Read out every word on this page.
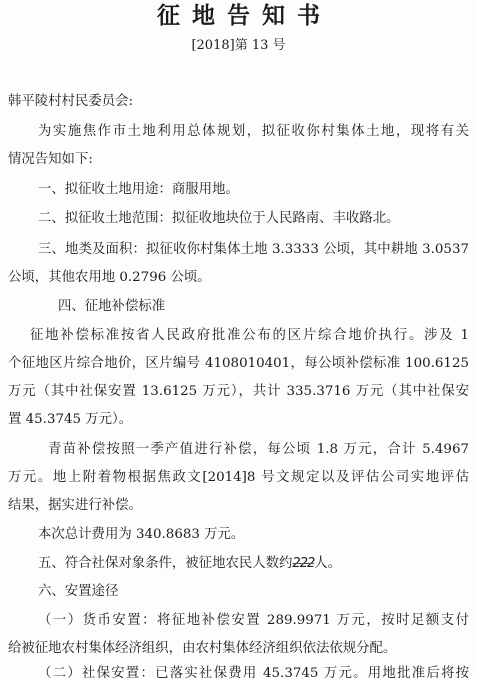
征地告知书
[2018]第 13 号
韩平陵村村民委员会:
为实施焦作市土地利用总体规划，拟征收你村集体土地，现将有关
情况告知如下:
一、拟征收土地用途：商服用地。
二、拟征收土地范围：拟征收地块位于人民路南、丰收路北。
三、地类及面积：拟征收你村集体土地 3.3333 公顷，其中耕地 3.0537
公顷，其他农用地 0.2796 公顷。
四、征地补偿标准
征地补偿标准按省人民政府批准公布的区片综合地价执行。涉及 1
个征地区片综合地价，区片编号 4108010401，每公顷补偿标准 100.6125
万元（其中社保安置 13.6125 万元），共计 335.3716 万元（其中社保安
置 45.3745 万元）。
青苗补偿按照一季产值进行补偿，每公顷 1.8 万元，合计 5.4967
万元。地上附着物根据焦政文[2014]8 号文规定以及评估公司实地评估
结果，据实进行补偿。
本次总计费用为 340.8683 万元。
五、符合社保对象条件，被征地农民人数约222人。
六、安置途径
（一）货币安置：将征地补偿安置 289.9971 万元，按时足额支付
给被征地农村集体经济组织，由农村集体经济组织依法依规分配。
（二）社保安置：已落实社保费用 45.3745 万元。用地批准后将按
